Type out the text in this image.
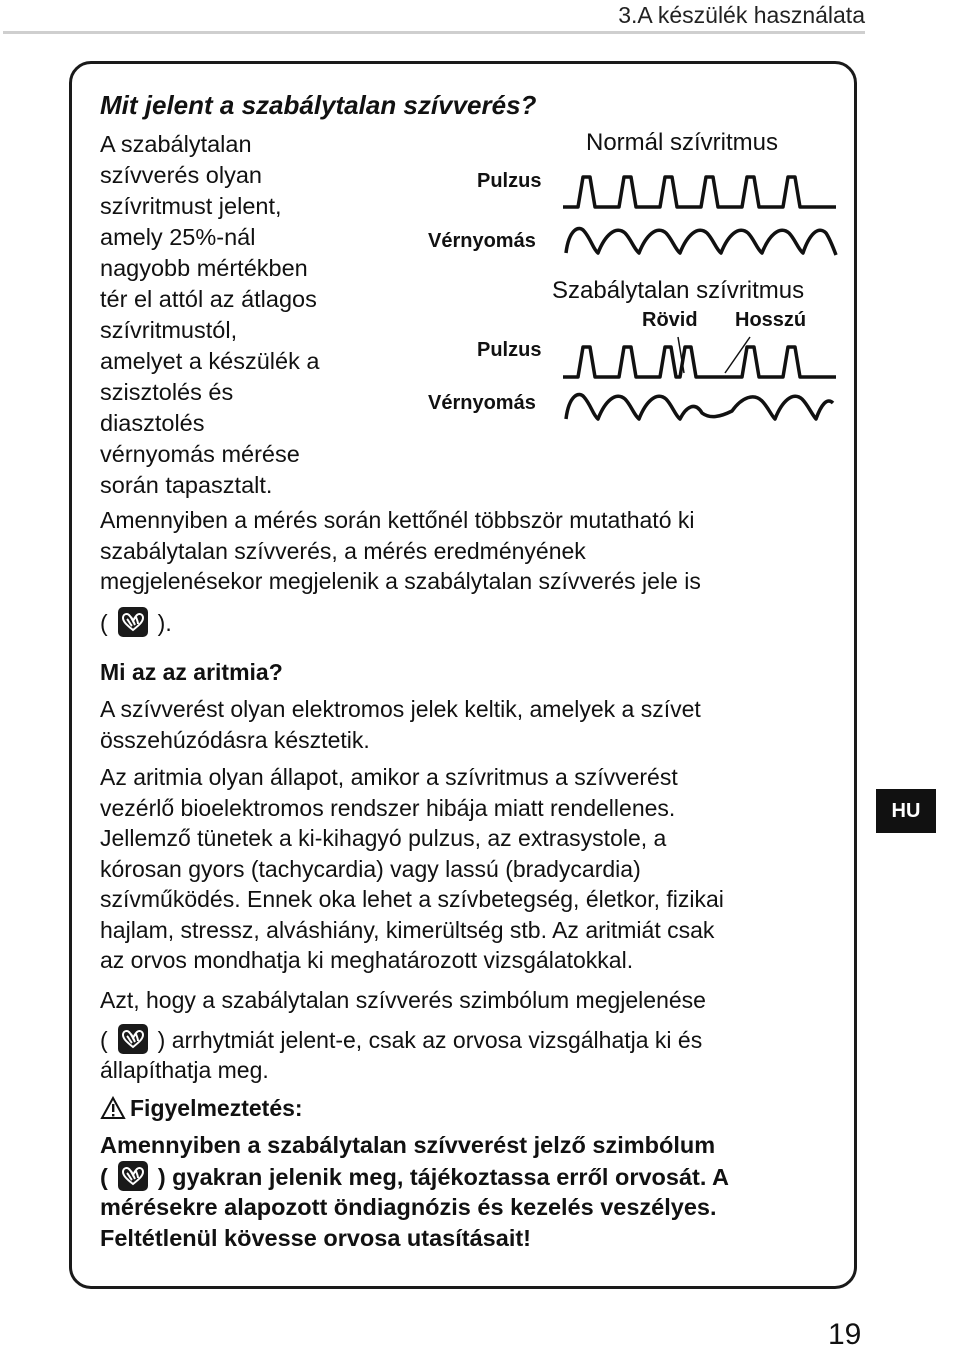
3.A készülék használata
Mit jelent a szabálytalan szívverés?
A szabálytalan
szívverés olyan
szívritmust jelent,
amely 25%-nál
nagyobb mértékben
tér el attól az átlagos
szívritmustól,
amelyet a készülék a
szisztolés és
diasztolés
vérnyomás mérése
során tapasztalt.
Normál szívritmus
Pulzus
Vérnyomás
Szabálytalan szívritmus
Rövid Hosszú
Pulzus
Vérnyomás
Amennyiben a mérés során kettőnél többször mutatható ki
szabálytalan szívverés, a mérés eredményének
megjelenésekor megjelenik a szabálytalan szívverés jele is
( ).
Mi az az aritmia?
A szívverést olyan elektromos jelek keltik, amelyek a szívet
összehúzódásra késztetik.
Az aritmia olyan állapot, amikor a szívritmus a szívverést
vezérlő bioelektromos rendszer hibája miatt rendellenes.
Jellemző tünetek a ki-kihagyó pulzus, az extrasystole, a
kórosan gyors (tachycardia) vagy lassú (bradycardia)
szívműködés. Ennek oka lehet a szívbetegség, életkor, fizikai
hajlam, stressz, alváshiány, kimerültség stb. Az aritmiát csak
az orvos mondhatja ki meghatározott vizsgálatokkal.
Azt, hogy a szabálytalan szívverés szimbólum megjelenése
( ) arrhytmiát jelent-e, csak az orvosa vizsgálhatja ki és
állapíthatja meg.
Figyelmeztetés:
Amennyiben a szabálytalan szívverést jelző szimbólum
( ) gyakran jelenik meg, tájékoztassa erről orvosát. A
mérésekre alapozott öndiagnózis és kezelés veszélyes.
Feltétlenül kövesse orvosa utasításait!
HU
19
